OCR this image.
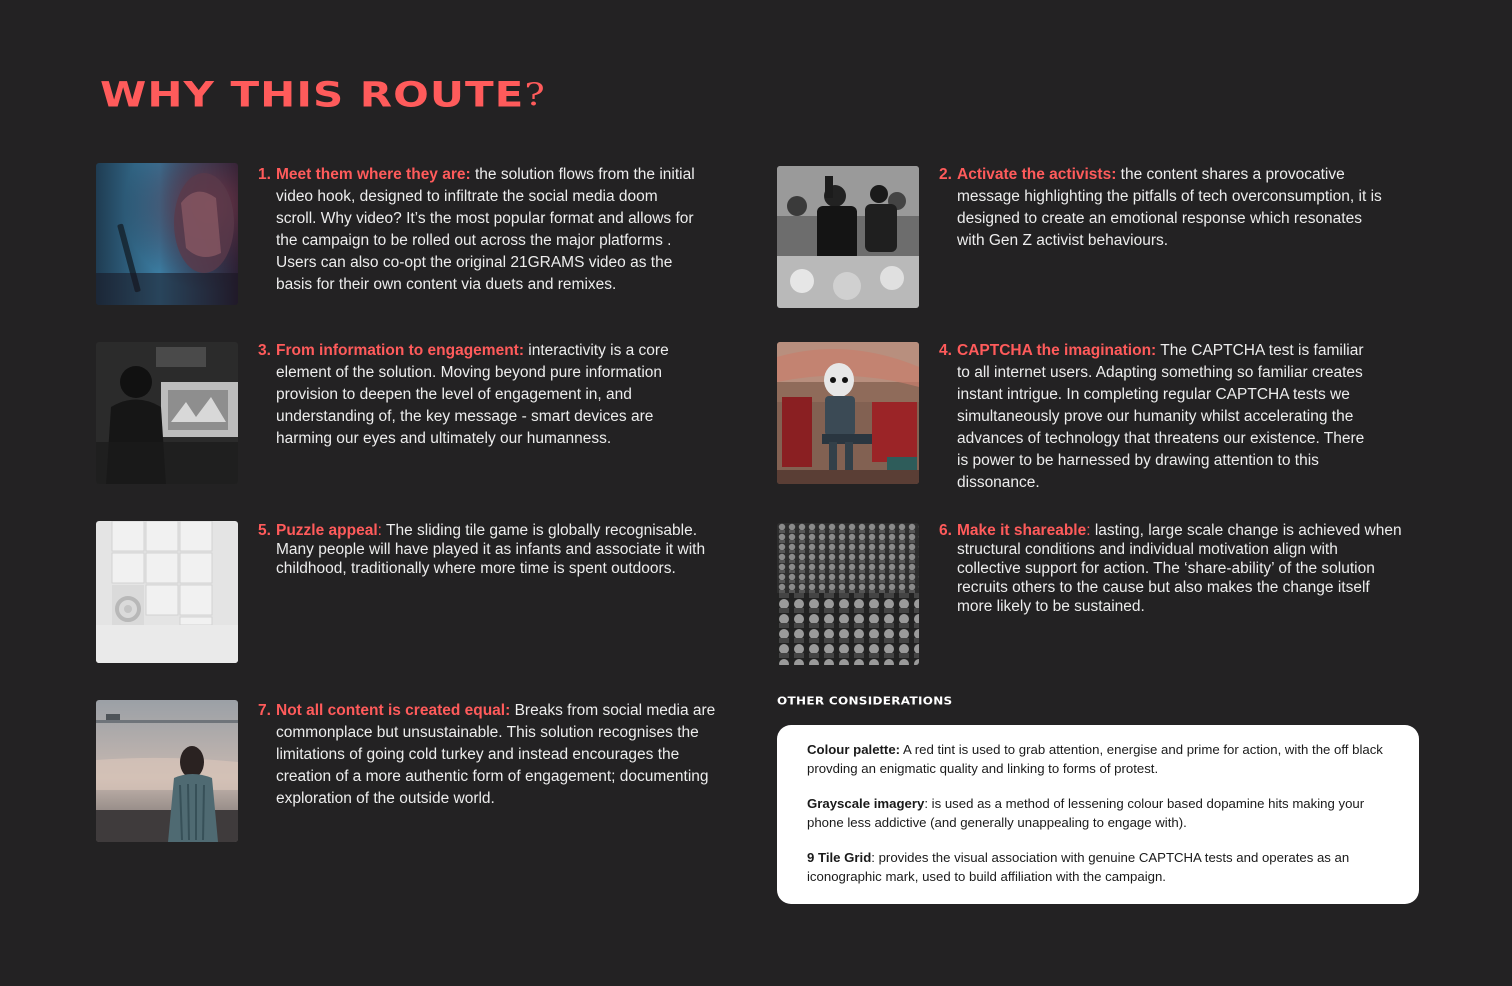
WHY THIS ROUTE?
1. Meet them where they are: the solution flows from the initial video hook, designed to infiltrate the social media doom scroll. Why video? It’s the most popular format and allows for the campaign to be rolled out across the major platforms . Users can also co-opt the original 21GRAMS video as the basis for their own content via duets and remixes.
2. Activate the activists: the content shares a provocative message highlighting the pitfalls of tech overconsumption, it is designed to create an emotional response which resonates with Gen Z activist behaviours.
3. From information to engagement: interactivity is a core element of the solution. Moving beyond pure information provision to deepen the level of engagement in, and understanding of, the key message - smart devices are harming our eyes and ultimately our humanness.
4. CAPTCHA the imagination: The CAPTCHA test is familiar to all internet users. Adapting something so familiar creates instant intrigue. In completing regular CAPTCHA tests we simultaneously prove our humanity whilst accelerating the advances of technology that threatens our existence. There is power to be harnessed by drawing attention to this dissonance.
5. Puzzle appeal: The sliding tile game is globally recognisable. Many people will have played it as infants and associate it with childhood, traditionally where more time is spent outdoors.
6. Make it shareable: lasting, large scale change is achieved when structural conditions and individual motivation align with collective support for action. The ‘share-ability’ of the solution recruits others to the cause but also makes the change itself more likely to be sustained.
7. Not all content is created equal: Breaks from social media are commonplace but unsustainable. This solution recognises the limitations of going cold turkey and instead encourages the creation of a more authentic form of engagement; documenting exploration of the outside world.
OTHER CONSIDERATIONS

Colour palette: A red tint is used to grab attention, energise and prime for action, with the off black provding an enigmatic quality and linking to forms of protest.

Grayscale imagery: is used as a method of lessening colour based dopamine hits making your phone less addictive (and generally unappealing to engage with).

9 Tile Grid: provides the visual association with genuine CAPTCHA tests and operates as an iconographic mark, used to build affiliation with the campaign.
